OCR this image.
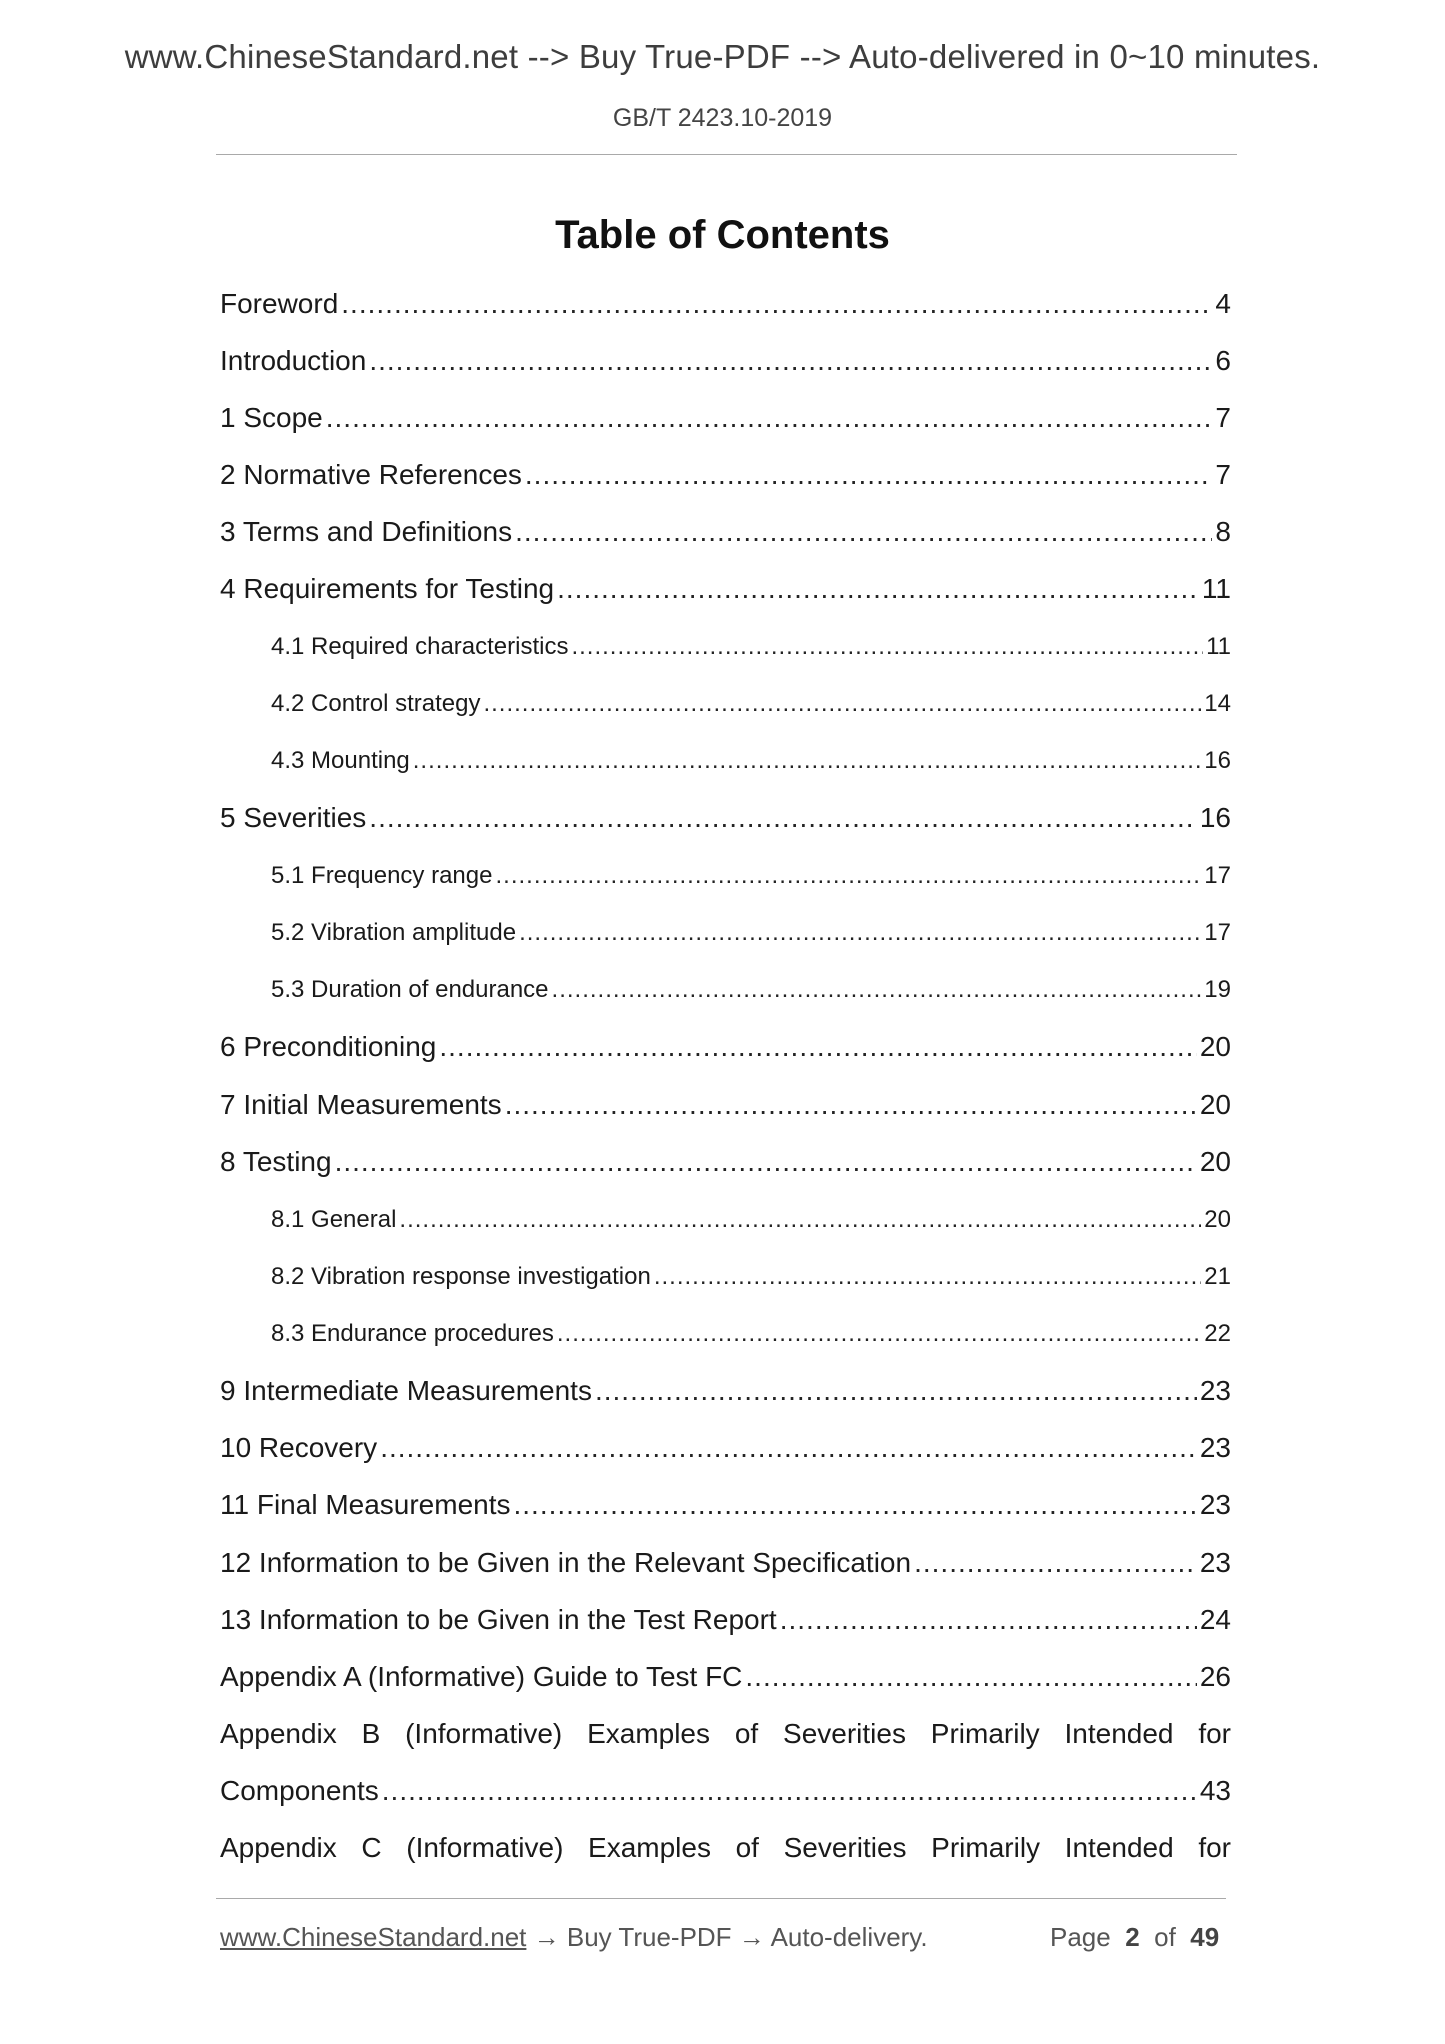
www.ChineseStandard.net --> Buy True-PDF --> Auto-delivered in 0~10 minutes.
GB/T 2423.10-2019
Table of Contents
Foreword .....	4
Introduction .....	6
1 Scope .....	7
2 Normative References .....	7
3 Terms and Definitions .....	8
4 Requirements for Testing .....	11
4.1 Required characteristics .....	11
4.2 Control strategy .....	14
4.3 Mounting .....	16
5 Severities .....	16
5.1 Frequency range .....	17
5.2 Vibration amplitude .....	17
5.3 Duration of endurance .....	19
6 Preconditioning .....	20
7 Initial Measurements .....	20
8 Testing .....	20
8.1 General .....	20
8.2 Vibration response investigation .....	21
8.3 Endurance procedures .....	22
9 Intermediate Measurements .....	23
10 Recovery .....	23
11 Final Measurements .....	23
12 Information to be Given in the Relevant Specification .....	23
13 Information to be Given in the Test Report .....	24
Appendix A (Informative) Guide to Test FC .....	26
Appendix B (Informative) Examples of Severities Primarily Intended for
Components .....	43
Appendix C (Informative) Examples of Severities Primarily Intended for
www.ChineseStandard.net → Buy True-PDF → Auto-delivery.	Page 2 of 49
